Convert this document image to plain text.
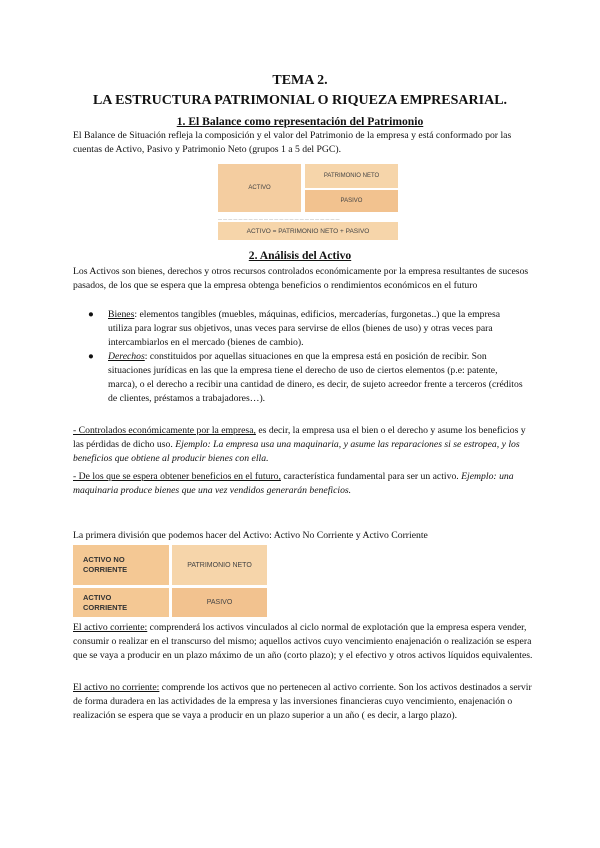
TEMA 2.
LA ESTRUCTURA PATRIMONIAL O RIQUEZA EMPRESARIAL.
1. El Balance como representación del Patrimonio
El Balance de Situación refleja la composición y el valor del Patrimonio de la empresa y está conformado por las cuentas de Activo, Pasivo y Patrimonio Neto (grupos 1 a 5 del PGC).
ACTIVO
PATRIMONIO NETO
PASIVO
— — — — — — — — — — — — — — — — — — — — — — — —
ACTIVO = PATRIMONIO NETO + PASIVO
2. Análisis del Activo
Los Activos son bienes, derechos y otros recursos controlados económicamente por la empresa resultantes de sucesos pasados, de los que se espera que la empresa obtenga beneficios o rendimientos económicos en el futuro
● Bienes: elementos tangibles (muebles, máquinas, edificios, mercaderías, furgonetas..) que la empresa utiliza para lograr sus objetivos, unas veces para servirse de ellos (bienes de uso) y otras veces para intercambiarlos en el mercado (bienes de cambio).
● Derechos: constituidos por aquellas situaciones en que la empresa está en posición de recibir. Son situaciones jurídicas en las que la empresa tiene el derecho de uso de ciertos elementos (p.e: patente, marca), o el derecho a recibir una cantidad de dinero, es decir, de sujeto acreedor frente a terceros (créditos de clientes, préstamos a trabajadores…).
- Controlados económicamente por la empresa, es decir, la empresa usa el bien o el derecho y asume los beneficios y las pérdidas de dicho uso. Ejemplo: La empresa usa una maquinaria, y asume las reparaciones si se estropea, y los beneficios que obtiene al producir bienes con ella.
- De los que se espera obtener beneficios en el futuro, característica fundamental para ser un activo. Ejemplo: una maquinaria produce bienes que una vez vendidos generarán beneficios.
La primera división que podemos hacer del Activo: Activo No Corriente y Activo Corriente
ACTIVO NO
CORRIENTE	PATRIMONIO NETO
ACTIVO
CORRIENTE	PASIVO
El activo corriente: comprenderá los activos vinculados al ciclo normal de explotación que la empresa espera vender, consumir o realizar en el transcurso del mismo; aquellos activos cuyo vencimiento enajenación o realización se espera que se vaya a producir en un plazo máximo de un año (corto plazo); y el efectivo y otros activos líquidos equivalentes.
El activo no corriente: comprende los activos que no pertenecen al activo corriente. Son los activos destinados a servir de forma duradera en las actividades de la empresa y las inversiones financieras cuyo vencimiento, enajenación o realización se espera que se vaya a producir en un plazo superior a un año ( es decir, a largo plazo).
